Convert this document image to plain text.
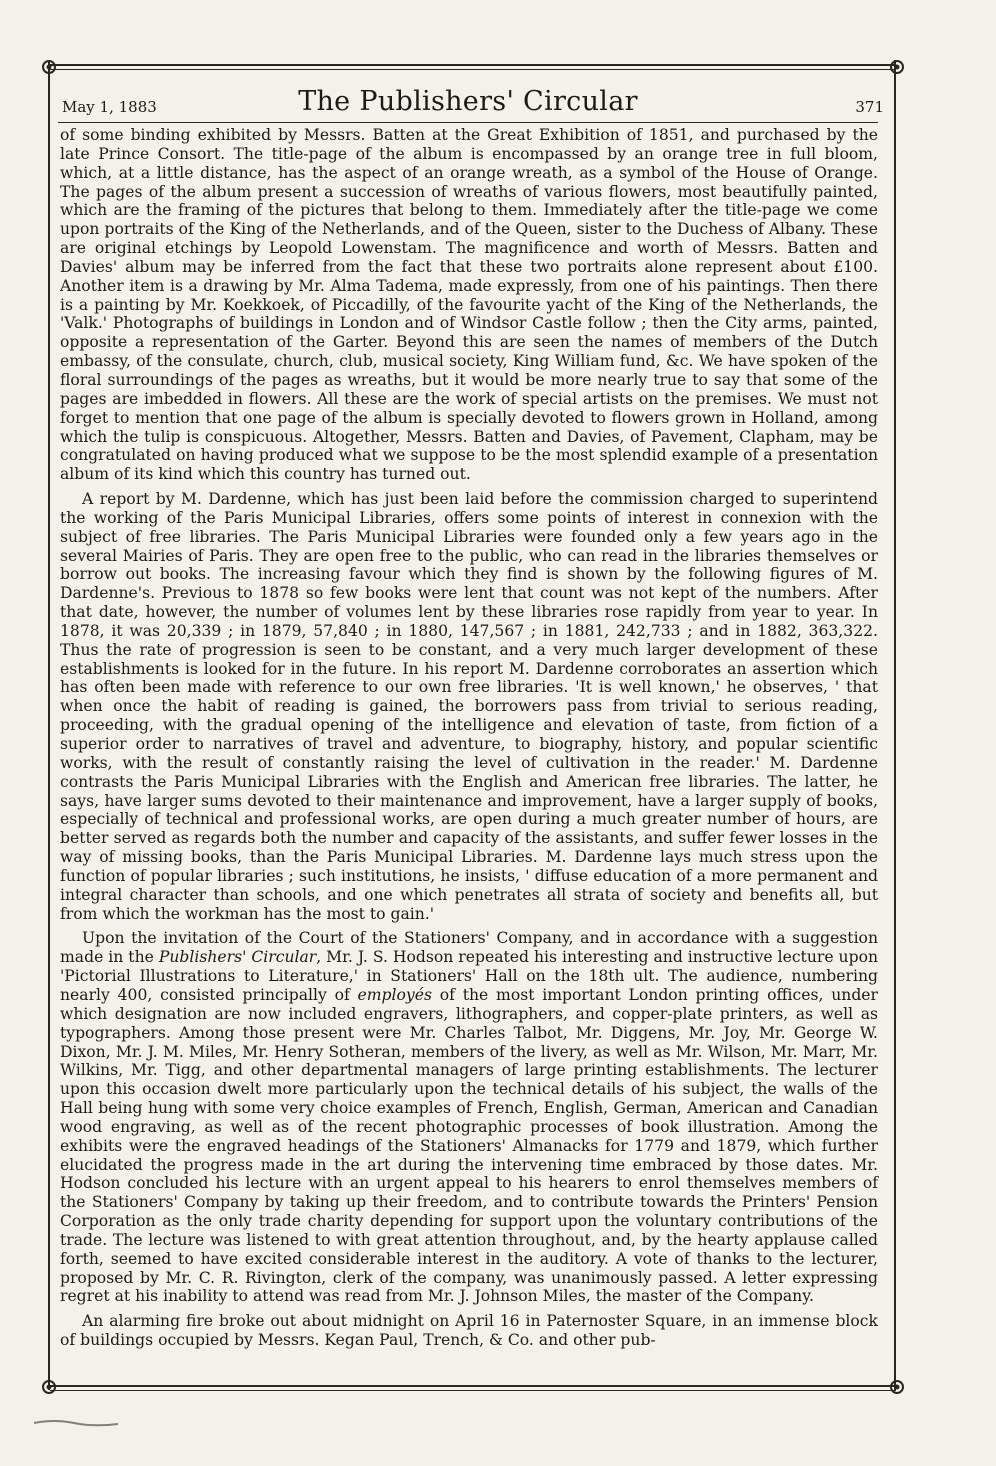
May 1, 1883	The Publishers' Circular	371

of some binding exhibited by Messrs. Batten at the Great Exhibition of 1851, and purchased by the late Prince Consort. The title-page of the album is encompassed by an orange tree in full bloom, which, at a little distance, has the aspect of an orange wreath, as a symbol of the House of Orange. The pages of the album present a succession of wreaths of various flowers, most beautifully painted, which are the framing of the pictures that belong to them. Immediately after the title-page we come upon portraits of the King of the Netherlands, and of the Queen, sister to the Duchess of Albany. These are original etchings by Leopold Lowenstam. The magnificence and worth of Messrs. Batten and Davies' album may be inferred from the fact that these two portraits alone represent about £100. Another item is a drawing by Mr. Alma Tadema, made expressly, from one of his paintings. Then there is a painting by Mr. Koekkoek, of Piccadilly, of the favourite yacht of the King of the Netherlands, the 'Valk.' Photographs of buildings in London and of Windsor Castle follow ; then the City arms, painted, opposite a representation of the Garter. Beyond this are seen the names of members of the Dutch embassy, of the consulate, church, club, musical society, King William fund, &c. We have spoken of the floral surroundings of the pages as wreaths, but it would be more nearly true to say that some of the pages are imbedded in flowers. All these are the work of special artists on the premises. We must not forget to mention that one page of the album is specially devoted to flowers grown in Holland, among which the tulip is conspicuous. Altogether, Messrs. Batten and Davies, of Pavement, Clapham, may be congratulated on having produced what we suppose to be the most splendid example of a presentation album of its kind which this country has turned out.

A report by M. Dardenne, which has just been laid before the commission charged to superintend the working of the Paris Municipal Libraries, offers some points of interest in connexion with the subject of free libraries. The Paris Municipal Libraries were founded only a few years ago in the several Mairies of Paris. They are open free to the public, who can read in the libraries themselves or borrow out books. The increasing favour which they find is shown by the following figures of M. Dardenne's. Previous to 1878 so few books were lent that count was not kept of the numbers. After that date, however, the number of volumes lent by these libraries rose rapidly from year to year. In 1878, it was 20,339 ; in 1879, 57,840 ; in 1880, 147,567 ; in 1881, 242,733 ; and in 1882, 363,322. Thus the rate of progression is seen to be constant, and a very much larger development of these establishments is looked for in the future. In his report M. Dardenne corroborates an assertion which has often been made with reference to our own free libraries. 'It is well known,' he observes, ' that when once the habit of reading is gained, the borrowers pass from trivial to serious reading, proceeding, with the gradual opening of the intelligence and elevation of taste, from fiction of a superior order to narratives of travel and adventure, to biography, history, and popular scientific works, with the result of constantly raising the level of cultivation in the reader.' M. Dardenne contrasts the Paris Municipal Libraries with the English and American free libraries. The latter, he says, have larger sums devoted to their maintenance and improvement, have a larger supply of books, especially of technical and professional works, are open during a much greater number of hours, are better served as regards both the number and capacity of the assistants, and suffer fewer losses in the way of missing books, than the Paris Municipal Libraries. M. Dardenne lays much stress upon the function of popular libraries ; such institutions, he insists, ' diffuse education of a more permanent and integral character than schools, and one which penetrates all strata of society and benefits all, but from which the workman has the most to gain.'

Upon the invitation of the Court of the Stationers' Company, and in accordance with a suggestion made in the Publishers' Circular, Mr. J. S. Hodson repeated his interesting and instructive lecture upon 'Pictorial Illustrations to Literature,' in Stationers' Hall on the 18th ult. The audience, numbering nearly 400, consisted principally of employés of the most important London printing offices, under which designation are now included engravers, lithographers, and copper-plate printers, as well as typographers. Among those present were Mr. Charles Talbot, Mr. Diggens, Mr. Joy, Mr. George W. Dixon, Mr. J. M. Miles, Mr. Henry Sotheran, members of the livery, as well as Mr. Wilson, Mr. Marr, Mr. Wilkins, Mr. Tigg, and other departmental managers of large printing establishments. The lecturer upon this occasion dwelt more particularly upon the technical details of his subject, the walls of the Hall being hung with some very choice examples of French, English, German, American and Canadian wood engraving, as well as of the recent photographic processes of book illustration. Among the exhibits were the engraved headings of the Stationers' Almanacks for 1779 and 1879, which further elucidated the progress made in the art during the intervening time embraced by those dates. Mr. Hodson concluded his lecture with an urgent appeal to his hearers to enrol themselves members of the Stationers' Company by taking up their freedom, and to contribute towards the Printers' Pension Corporation as the only trade charity depending for support upon the voluntary contributions of the trade. The lecture was listened to with great attention throughout, and, by the hearty applause called forth, seemed to have excited considerable interest in the auditory. A vote of thanks to the lecturer, proposed by Mr. C. R. Rivington, clerk of the company, was unanimously passed. A letter expressing regret at his inability to attend was read from Mr. J. Johnson Miles, the master of the Company.

An alarming fire broke out about midnight on April 16 in Paternoster Square, in an immense block of buildings occupied by Messrs. Kegan Paul, Trench, & Co. and other pub-
